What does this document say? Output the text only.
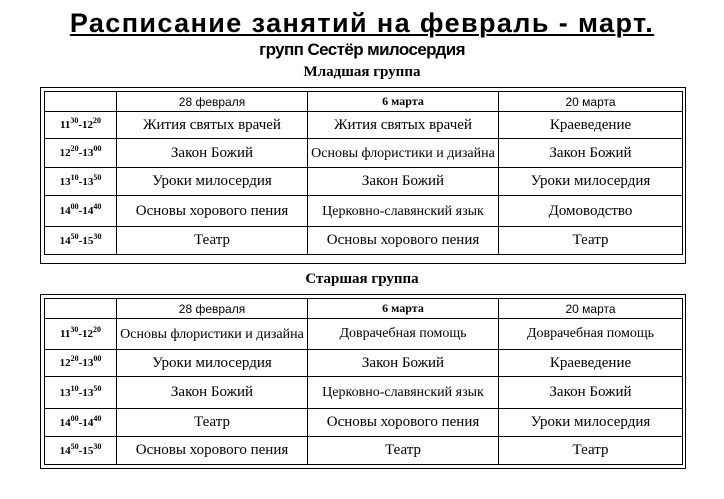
Расписание занятий на февраль - март.
групп Сестёр милосердия
Младшая группа
	28 февраля	6 марта	20 марта
$11^{30}-12^{20}$	Жития святых врачей	Жития святых врачей	Краеведение
$12^{20}-13^{00}$	Закон Божий	Основы флористики и дизайна	Закон Божий
$13^{10}-13^{50}$	Уроки милосердия	Закон Божий	Уроки милосердия
$14^{00}-14^{40}$	Основы хорового пения	Церковно-славянский язык	Домоводство
$14^{50}-15^{30}$	Театр	Основы хорового пения	Театр
Старшая группа
	28 февраля	6 марта	20 марта
$11^{30}-12^{20}$	Основы флористики и дизайна	Доврачебная помощь	Доврачебная помощь
$12^{20}-13^{00}$	Уроки милосердия	Закон Божий	Краеведение
$13^{10}-13^{50}$	Закон Божий	Церковно-славянский язык	Закон Божий
$14^{00}-14^{40}$	Театр	Основы хорового пения	Уроки милосердия
$14^{50}-15^{30}$	Основы хорового пения	Театр	Театр
